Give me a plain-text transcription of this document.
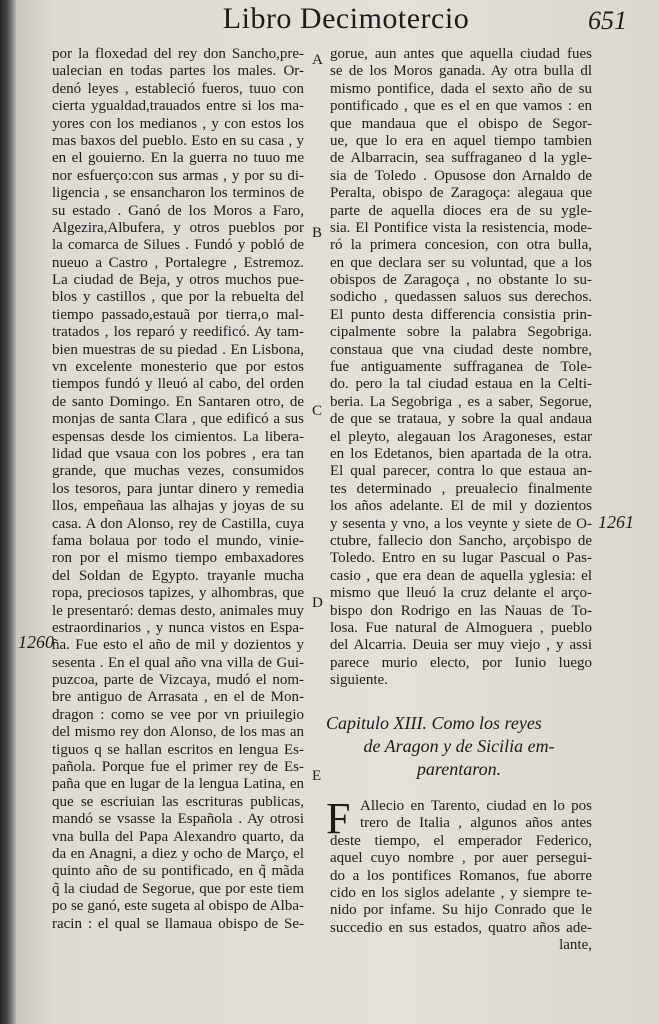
Libro Decimotercio	651
por la floxedad del rey don Sancho,pre-
ualecian en todas partes los males. Or-
denó leyes , estableció fueros, tuuo con
cierta ygualdad,trauados entre si los ma-
yores con los medianos , y con estos los
mas baxos del pueblo. Esto en su casa , y
en el gouierno. En la guerra no tuuo me
nor esfuerço:con sus armas , y por su di-
ligencia , se ensancharon los terminos de
su estado . Ganó de los Moros a Faro,
Algezira,Albufera, y otros pueblos por
la comarca de Silues . Fundó y pobló de
nueuo a Castro , Portalegre , Estremoz.
La ciudad de Beja, y otros muchos pue-
blos y castillos , que por la rebuelta del
tiempo passado,estauã por tierra,o mal-
tratados , los reparó y reedificó. Ay tam-
bien muestras de su piedad . En Lisbona,
vn excelente monesterio que por estos
tiempos fundó y lleuó al cabo, del orden
de santo Domingo. En Santaren otro, de
monjas de santa Clara , que edificó a sus
espensas desde los cimientos. La libera-
lidad que vsaua con los pobres , era tan
grande, que muchas vezes, consumidos
los tesoros, para juntar dinero y remedia
llos, empeñaua las alhajas y joyas de su
casa. A don Alonso, rey de Castilla, cuya
fama bolaua por todo el mundo, vinie-
ron por el mismo tiempo embaxadores
del Soldan de Egypto. trayanle mucha
ropa, preciosos tapizes, y alhombras, que
le presentaró: demas desto, animales muy
estraordinarios , y nunca vistos en Espa-
ña. Fue esto el año de mil y dozientos y
sesenta . En el qual año vna villa de Gui-
puzcoa, parte de Vizcaya, mudó el nom-
bre antiguo de Arrasata , en el de Mon-
dragon : como se vee por vn priuilegio
del mismo rey don Alonso, de los mas an
tiguos q se hallan escritos en lengua Es-
pañola. Porque fue el primer rey de Es-
paña que en lugar de la lengua Latina, en
que se escriuian las escrituras publicas,
mandó se vsasse la Española . Ay otrosi
vna bulla del Papa Alexandro quarto, da
da en Anagni, a diez y ocho de Março, el
quinto año de su pontificado, en q̃ mãda
q̃ la ciudad de Segorue, que por este tiem
po se ganó, este sugeta al obispo de Alba-
racin : el qual se llamaua obispo de Se-
gorue, aun antes que aquella ciudad fues
se de los Moros ganada. Ay otra bulla dl
mismo pontifice, dada el sexto año de su
pontificado , que es el en que vamos : en
que mandaua que el obispo de Segor-
ue, que lo era en aquel tiempo tambien
de Albarracin, sea suffraganeo d la ygle-
sia de Toledo . Opusose don Arnaldo de
Peralta, obispo de Zaragoça: alegaua que
parte de aquella dioces era de su ygle-
sia. El Pontifice vista la resistencia, mode-
ró la primera concesion, con otra bulla,
en que declara ser su voluntad, que a los
obispos de Zaragoça , no obstante lo su-
sodicho , quedassen saluos sus derechos.
El punto desta differencia consistia prin-
cipalmente sobre la palabra Segobriga.
constaua que vna ciudad deste nombre,
fue antiguamente suffraganea de Tole-
do. pero la tal ciudad estaua en la Celti-
beria. La Segobriga , es a saber, Segorue,
de que se trataua, y sobre la qual andaua
el pleyto, alegauan los Aragoneses, estar
en los Edetanos, bien apartada de la otra.
El qual parecer, contra lo que estaua an-
tes determinado , preualecio finalmente
los años adelante. El de mil y dozientos
y sesenta y vno, a los veynte y siete de O-
ctubre, fallecio don Sancho, arçobispo de
Toledo. Entro en su lugar Pascual o Pas-
casio , que era dean de aquella yglesia: el
mismo que lleuó la cruz delante el arço-
bispo don Rodrigo en las Nauas de To-
losa. Fue natural de Almoguera , pueblo
del Alcarria. Deuia ser muy viejo , y assi
parece murio electo, por Iunio luego
siguiente.
Capitulo XIII. Como los reyes
de Aragon y de Sicilia em-
parentaron.
F Allecio en Tarento, ciudad en lo pos
trero de Italia , algunos años antes
deste tiempo, el emperador Federico,
aquel cuyo nombre , por auer persegui-
do a los pontifices Romanos, fue aborre
cido en los siglos adelante , y siempre te-
nido por infame. Su hijo Conrado que le
succedio en sus estados, quatro años ade-
lante,
A
B
C
D
E
1260
1261
